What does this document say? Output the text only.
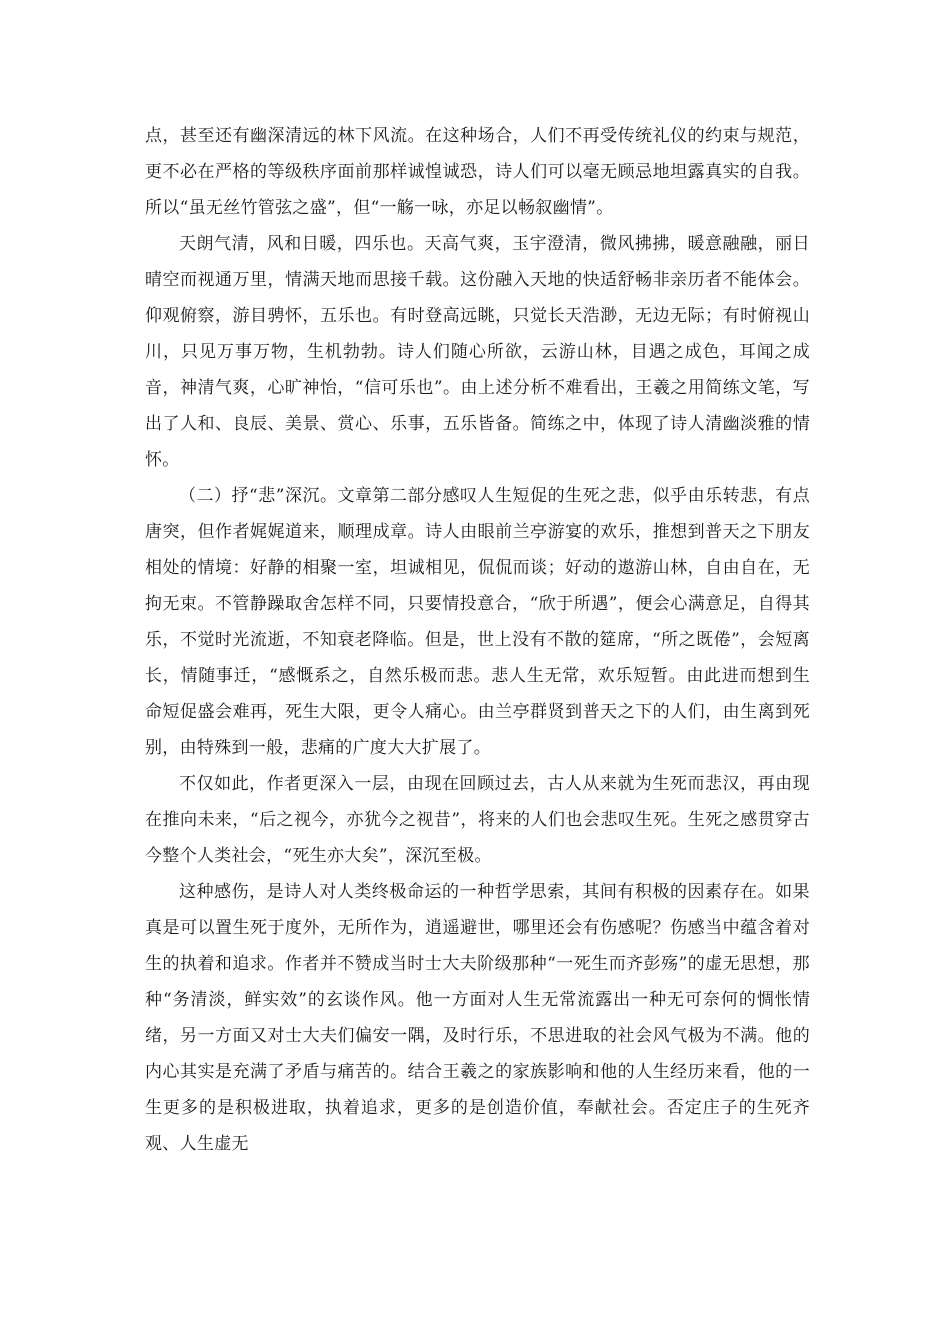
点，甚至还有幽深清远的林下风流。在这种场合，人们不再受传统礼仪的约束与规范，更不必在严格的等级秩序面前那样诚惶诚恐，诗人们可以毫无顾忌地坦露真实的自我。所以“虽无丝竹管弦之盛”，但“一觞一咏，亦足以畅叙幽情”。

天朗气清，风和日暖，四乐也。天高气爽，玉宇澄清，微风拂拂，暖意融融，丽日晴空而视通万里，情满天地而思接千载。这份融入天地的快适舒畅非亲历者不能体会。仰观俯察，游目骋怀，五乐也。有时登高远眺，只觉长天浩渺，无边无际；有时俯视山川，只见万事万物，生机勃勃。诗人们随心所欲，云游山林，目遇之成色，耳闻之成音，神清气爽，心旷神怡，“信可乐也”。由上述分析不难看出，王羲之用简练文笔，写出了人和、良辰、美景、赏心、乐事，五乐皆备。简练之中，体现了诗人清幽淡雅的情怀。

（二）抒“悲”深沉。文章第二部分感叹人生短促的生死之悲，似乎由乐转悲，有点唐突，但作者娓娓道来，顺理成章。诗人由眼前兰亭游宴的欢乐，推想到普天之下朋友相处的情境：好静的相聚一室，坦诚相见，侃侃而谈；好动的遨游山林，自由自在，无拘无束。不管静躁取舍怎样不同，只要情投意合，“欣于所遇”，便会心满意足，自得其乐，不觉时光流逝，不知衰老降临。但是，世上没有不散的筵席，“所之既倦”，会短离长，情随事迁，“感慨系之，自然乐极而悲。悲人生无常，欢乐短暂。由此进而想到生命短促盛会难再，死生大限，更令人痛心。由兰亭群贤到普天之下的人们，由生离到死别，由特殊到一般，悲痛的广度大大扩展了。

不仅如此，作者更深入一层，由现在回顾过去，古人从来就为生死而悲汉，再由现在推向未来，“后之视今，亦犹今之视昔”，将来的人们也会悲叹生死。生死之感贯穿古今整个人类社会，“死生亦大矣”，深沉至极。

这种感伤，是诗人对人类终极命运的一种哲学思索，其间有积极的因素存在。如果真是可以置生死于度外，无所作为，逍遥避世，哪里还会有伤感呢？伤感当中蕴含着对生的执着和追求。作者并不赞成当时士大夫阶级那种“一死生而齐彭殇”的虚无思想，那种“务清淡，鲜实效”的玄谈作风。他一方面对人生无常流露出一种无可奈何的惆怅情绪，另一方面又对士大夫们偏安一隅，及时行乐，不思进取的社会风气极为不满。他的内心其实是充满了矛盾与痛苦的。结合王羲之的家族影响和他的人生经历来看，他的一生更多的是积极进取，执着追求，更多的是创造价值，奉献社会。否定庄子的生死齐观、人生虚无
